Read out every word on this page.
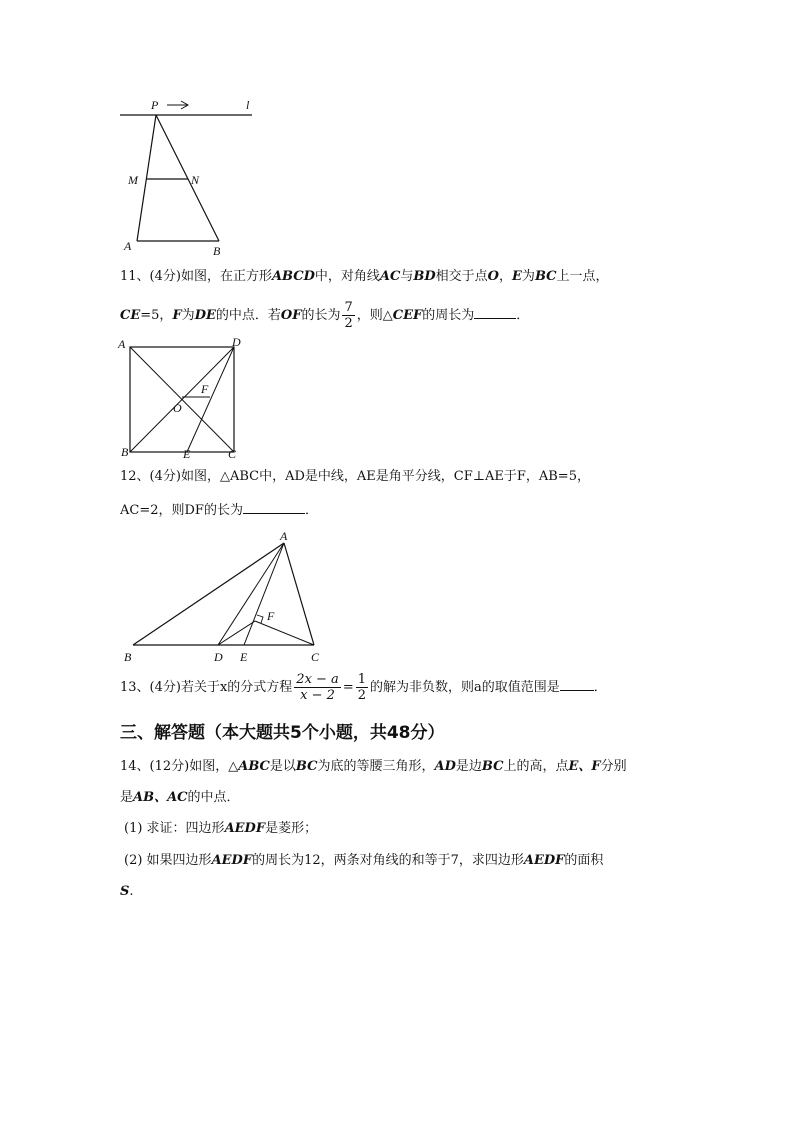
P	l
M	N
A	B
11、(4分)如图，在正方形ABCD中，对角线AC与BD相交于点O，E为BC上一点，
CE=5，F为DE的中点．若OF的长为 $\frac{7}{2}$ ，则△CEF的周长为	．
A	D
B	C
O
F
E
12、(4分)如图，△ABC中，AD是中线，AE是角平分线，CF⊥AE于F，AB=5，
AC=2，则DF的长为	．
A
B	D E	C
F
13、(4分)若关于x的分式方程 $\frac{2x - a}{x - 2} = \frac{1}{2}$ 的解为非负数，则a的取值范围是	．
三、解答题（本大题共5个小题，共48分）
14、(12分)如图，△ABC是以BC为底的等腰三角形，AD是边BC上的高，点E、F分别
是AB、AC的中点．
(1) 求证：四边形AEDF是菱形；
(2) 如果四边形AEDF的周长为12，两条对角线的和等于7，求四边形AEDF的面积
S.
